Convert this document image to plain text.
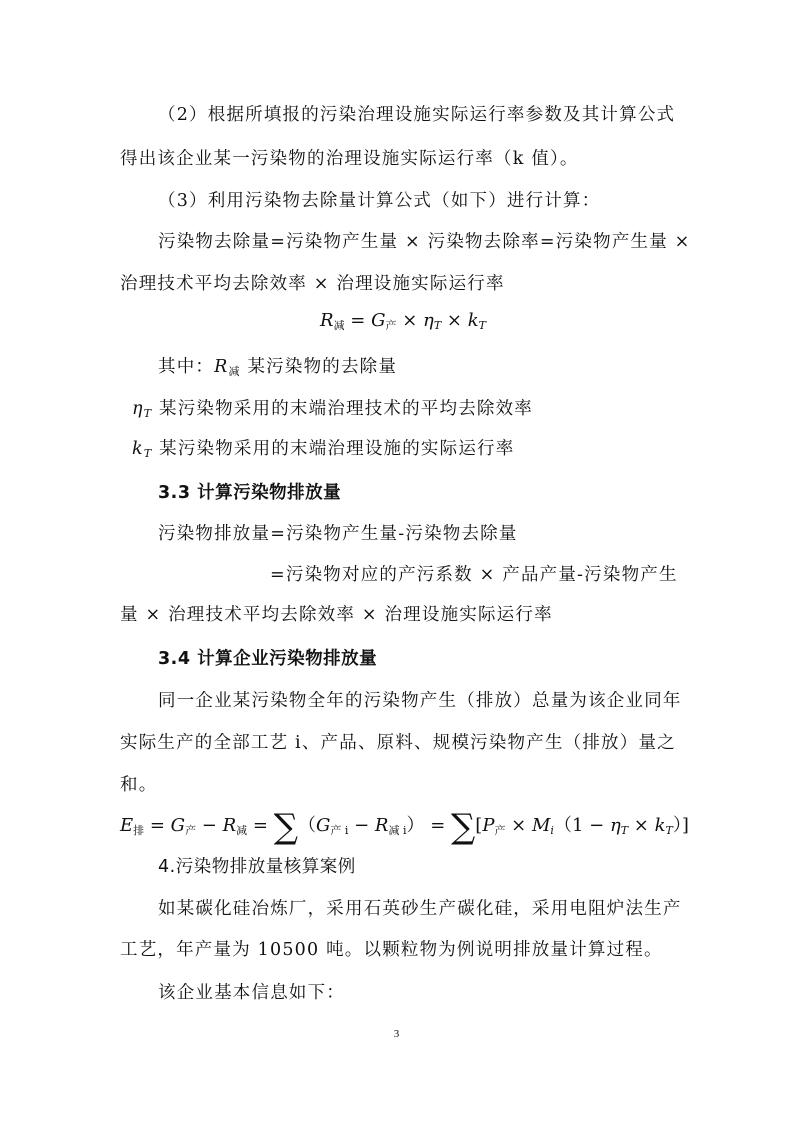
（2）根据所填报的污染治理设施实际运行率参数及其计算公式
得出该企业某一污染物的治理设施实际运行率（k 值）。
（3）利用污染物去除量计算公式（如下）进行计算：
污染物去除量=污染物产生量 × 污染物去除率=污染物产生量 ×
治理技术平均去除效率 × 治理设施实际运行率
$R_减 = G_产 \times \eta_T \times k_T$
其中：$R_减$ 某污染物的去除量
$\eta_T$ 某污染物采用的末端治理技术的平均去除效率
$k_T$ 某污染物采用的末端治理设施的实际运行率
3.3 计算污染物排放量
污染物排放量=污染物产生量-污染物去除量
=污染物对应的产污系数 × 产品产量-污染物产生
量 × 治理技术平均去除效率 × 治理设施实际运行率
3.4 计算企业污染物排放量
同一企业某污染物全年的污染物产生（排放）总量为该企业同年
实际生产的全部工艺 i、产品、原料、规模污染物产生（排放）量之
和。
$E_排 = G_产 - R_减 = \sum(G_{产 i} - R_{减 i}) = \sum[P_产 \times M_i(1 - \eta_T \times k_T)]$
4.污染物排放量核算案例
如某碳化硅冶炼厂，采用石英砂生产碳化硅，采用电阻炉法生产
工艺，年产量为 10500 吨。以颗粒物为例说明排放量计算过程。
该企业基本信息如下：
3
